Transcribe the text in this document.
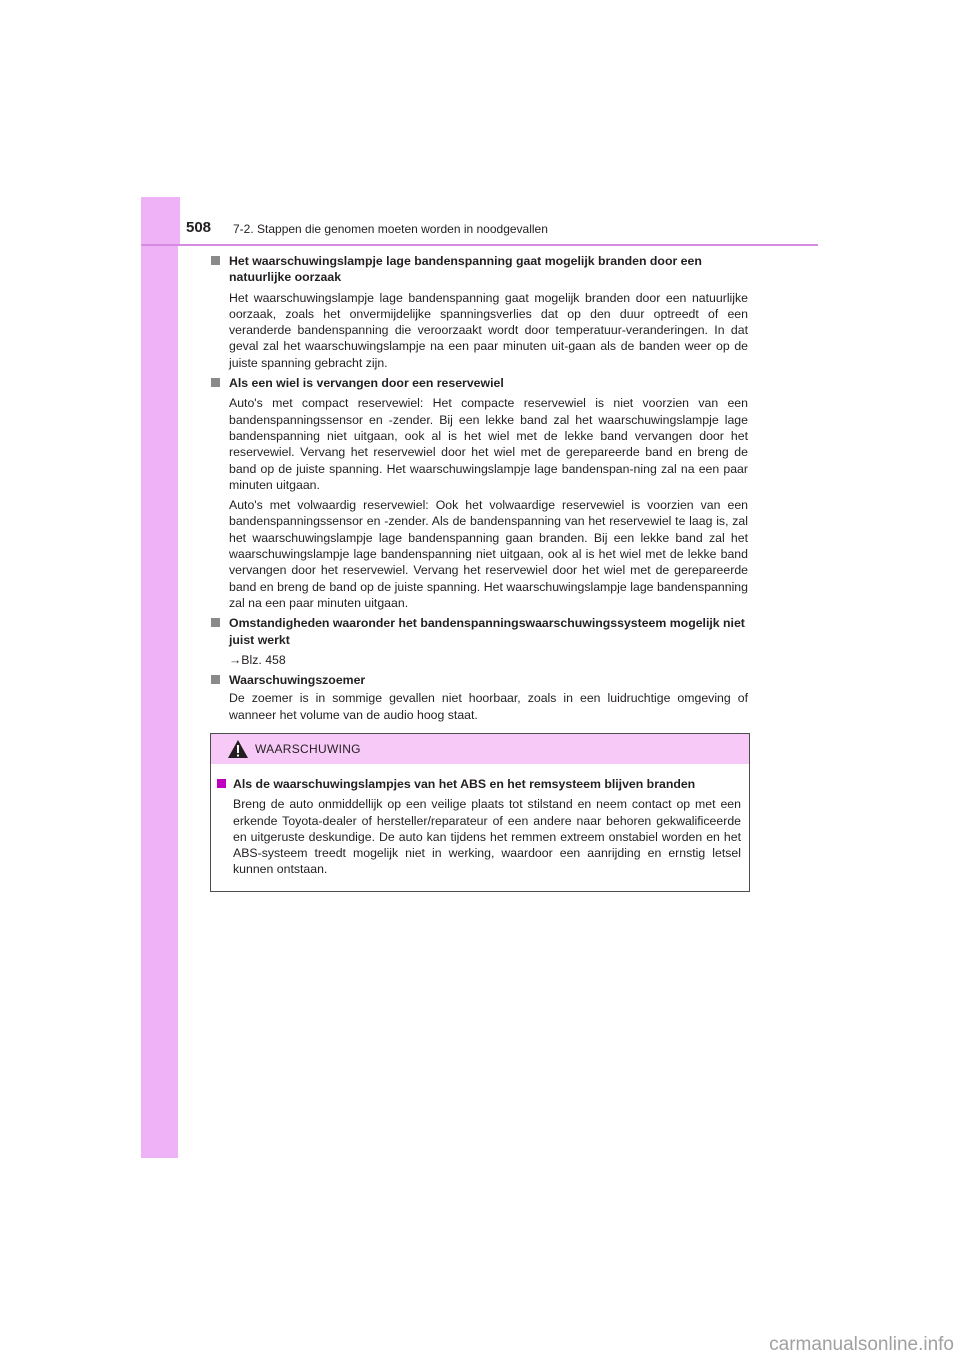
508 7-2. Stappen die genomen moeten worden in noodgevallen
Het waarschuwingslampje lage bandenspanning gaat mogelijk branden door een natuurlijke oorzaak

Het waarschuwingslampje lage bandenspanning gaat mogelijk branden door een natuurlijke oorzaak, zoals het onvermijdelijke spanningsverlies dat op den duur optreedt of een veranderde bandenspanning die veroorzaakt wordt door temperatuur-veranderingen. In dat geval zal het waarschuwingslampje na een paar minuten uit-gaan als de banden weer op de juiste spanning gebracht zijn.

Als een wiel is vervangen door een reservewiel

Auto's met compact reservewiel: Het compacte reservewiel is niet voorzien van een bandenspanningssensor en -zender. Bij een lekke band zal het waarschuwingslampje lage bandenspanning niet uitgaan, ook al is het wiel met de lekke band vervangen door het reservewiel. Vervang het reservewiel door het wiel met de gerepareerde band en breng de band op de juiste spanning. Het waarschuwingslampje lage bandenspan-ning zal na een paar minuten uitgaan.

Auto's met volwaardig reservewiel: Ook het volwaardige reservewiel is voorzien van een bandenspanningssensor en -zender. Als de bandenspanning van het reservewiel te laag is, zal het waarschuwingslampje lage bandenspanning gaan branden. Bij een lekke band zal het waarschuwingslampje lage bandenspanning niet uitgaan, ook al is het wiel met de lekke band vervangen door het reservewiel. Vervang het reservewiel door het wiel met de gerepareerde band en breng de band op de juiste spanning. Het waarschuwingslampje lage bandenspanning zal na een paar minuten uitgaan.

Omstandigheden waaronder het bandenspanningswaarschuwingssysteem mogelijk niet juist werkt

→Blz. 458

Waarschuwingszoemer

De zoemer is in sommige gevallen niet hoorbaar, zoals in een luidruchtige omgeving of wanneer het volume van de audio hoog staat.

WAARSCHUWING
Als de waarschuwingslampjes van het ABS en het remsysteem blijven branden
Breng de auto onmiddellijk op een veilige plaats tot stilstand en neem contact op met een erkende Toyota-dealer of hersteller/reparateur of een andere naar behoren gekwalificeerde en uitgeruste deskundige. De auto kan tijdens het remmen extreem onstabiel worden en het ABS-systeem treedt mogelijk niet in werking, waardoor een aanrijding en ernstig letsel kunnen ontstaan.
carmanualsonline.info
